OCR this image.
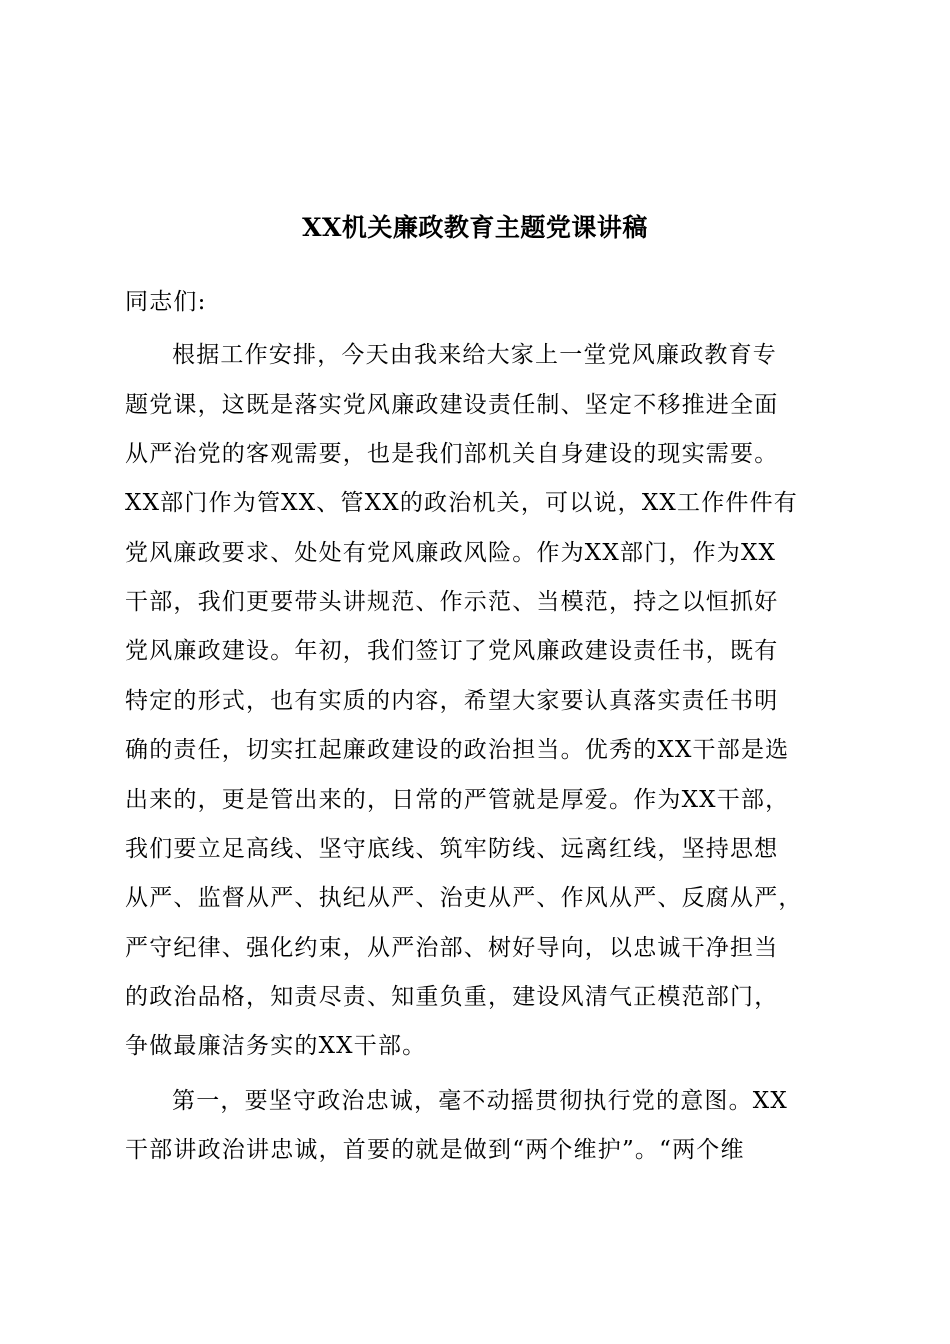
XX机关廉政教育主题党课讲稿
同志们:
根据工作安排，今天由我来给大家上一堂党风廉政教育专
题党课，这既是落实党风廉政建设责任制、坚定不移推进全面
从严治党的客观需要，也是我们部机关自身建设的现实需要。
XX部门作为管XX、管XX的政治机关，可以说，XX工作件件有
党风廉政要求、处处有党风廉政风险。作为XX部门，作为XX
干部，我们更要带头讲规范、作示范、当模范，持之以恒抓好
党风廉政建设。年初，我们签订了党风廉政建设责任书，既有
特定的形式，也有实质的内容，希望大家要认真落实责任书明
确的责任，切实扛起廉政建设的政治担当。优秀的XX干部是选
出来的，更是管出来的，日常的严管就是厚爱。作为XX干部，
我们要立足高线、坚守底线、筑牢防线、远离红线，坚持思想
从严、监督从严、执纪从严、治吏从严、作风从严、反腐从严，
严守纪律、强化约束，从严治部、树好导向，以忠诚干净担当
的政治品格，知责尽责、知重负重，建设风清气正模范部门，
争做最廉洁务实的XX干部。
第一，要坚守政治忠诚，毫不动摇贯彻执行党的意图。XX
干部讲政治讲忠诚，首要的就是做到“两个维护”。“两个维
